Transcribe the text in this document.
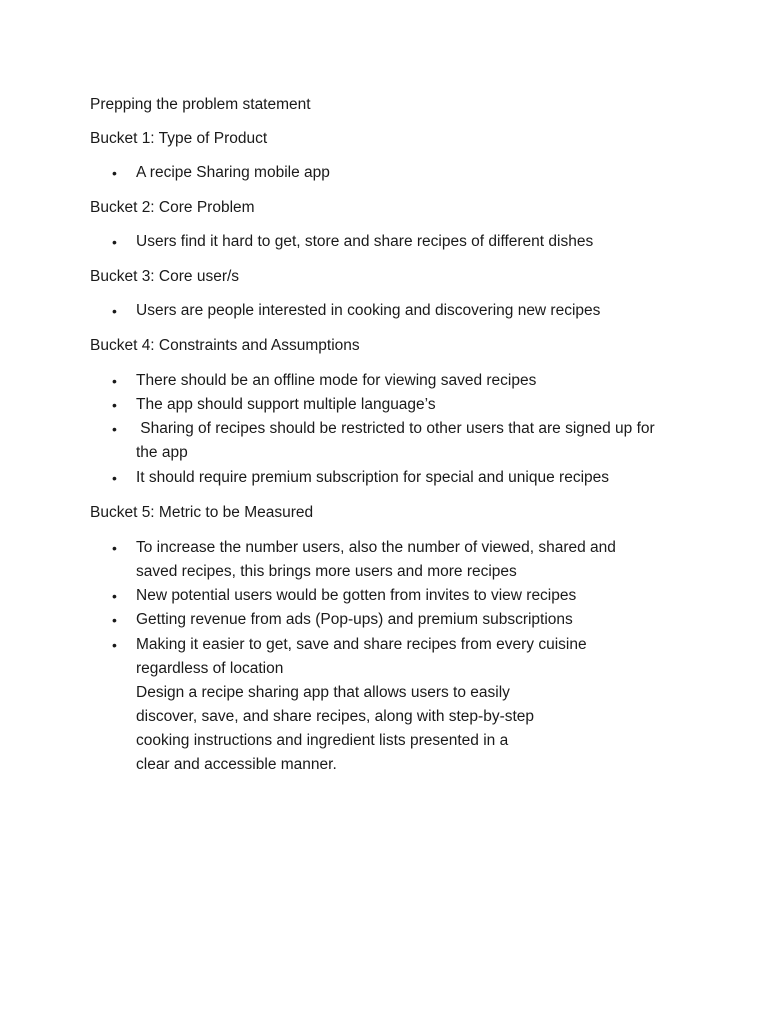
Prepping the problem statement
Bucket 1: Type of Product
• A recipe Sharing mobile app
Bucket 2: Core Problem
• Users find it hard to get, store and share recipes of different dishes
Bucket 3: Core user/s
• Users are people interested in cooking and discovering new recipes
Bucket 4: Constraints and Assumptions
• There should be an offline mode for viewing saved recipes
• The app should support multiple language’s
• Sharing of recipes should be restricted to other users that are signed up for
the app
• It should require premium subscription for special and unique recipes
Bucket 5: Metric to be Measured
• To increase the number users, also the number of viewed, shared and
saved recipes, this brings more users and more recipes
• New potential users would be gotten from invites to view recipes
• Getting revenue from ads (Pop-ups) and premium subscriptions
• Making it easier to get, save and share recipes from every cuisine
regardless of location
Design a recipe sharing app that allows users to easily
discover, save, and share recipes, along with step-by-step
cooking instructions and ingredient lists presented in a
clear and accessible manner.
